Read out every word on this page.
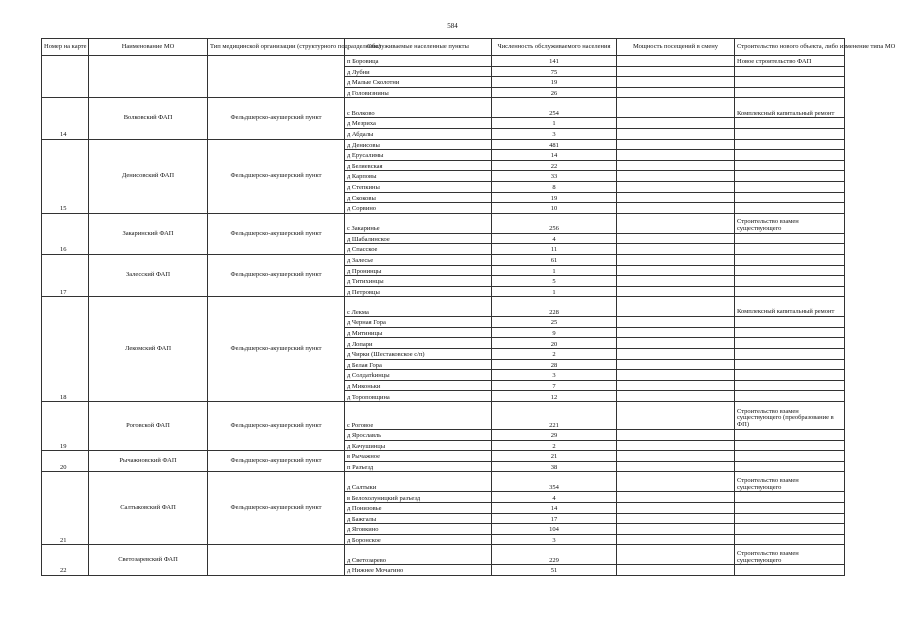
584
Номер на карте	Наименование МО	Тип медицинской организации (структурного подразделения)	Обслуживаемые населенные пункты	Численность обслуживаемого населения	Мощность посещений в смену	Строительство нового объекта, либо изменение типа МО
			п Боровица	141		Новое строительство ФАП
			д Лубни	75		
			д Малые Сколотни	19		
			д Головизнины	26		
14	Волковский ФАП	Фельдшерско-акушерский пункт	с Волково	254		Комплексный капитальный ремонт
			д Мезриха	1		
			д Абдалы	3		
15	Денисовский ФАП	Фельдшерско-акушерский пункт	д Денисовы	481		
			д Ерусалимы	14		
			д Беляевская	22		
			д Карповы	33		
			д Степкины	8		
			д Скоковы	19		
			д Сорвино	10		
16	Закаринский ФАП	Фельдшерско-акушерский пункт	с Закаринье	256		Строительство взамен существующего
			д Шабалинское	4		
			д Спасское	11		
17	Залесский ФАП	Фельдшерско-акушерский пункт	д Залесье	61		
			д Пронинцы	1		
			д Титихинцы	5		
			д Петровцы	1		
18	Лекомский ФАП	Фельдшерско-акушерский пункт	с Лекма	228		Комплексный капитальный ремонт
			д Черная Гора	25		
			д Митиницы	9		
			д Лопари	20		
			д Чирки (Шестаковское с/п)	2		
			д Белая Гора	28		
			д Солдатkинцы	3		
			д Миконьки	7		
			д Тороповщина	12		
19	Роговской ФАП	Фельдшерско-акушерский пункт	с Роговое	221		Строительство взамен существующего (преобразование в ФП)
			д Ярославль	29		
			д Качушинцы	2		
20	Рычажновский ФАП	Фельдшерско-акушерский пункт	в Рычажное	21		
			п Разъезд	38		
21	Салтыковский ФАП	Фельдшерско-акушерский пункт	д Салтыки	354		Строительство взамен существующего
			в Белохолуницкий разъезд	4		
			д Понизовье	14		
			д Бажгалы	17		
			д Яговкино	104		
			д Боронское	3		
22	Светозаревский ФАП		д Светозарево	229		Строительство взамен существующего
			д Нижнее Мочагино	51		
